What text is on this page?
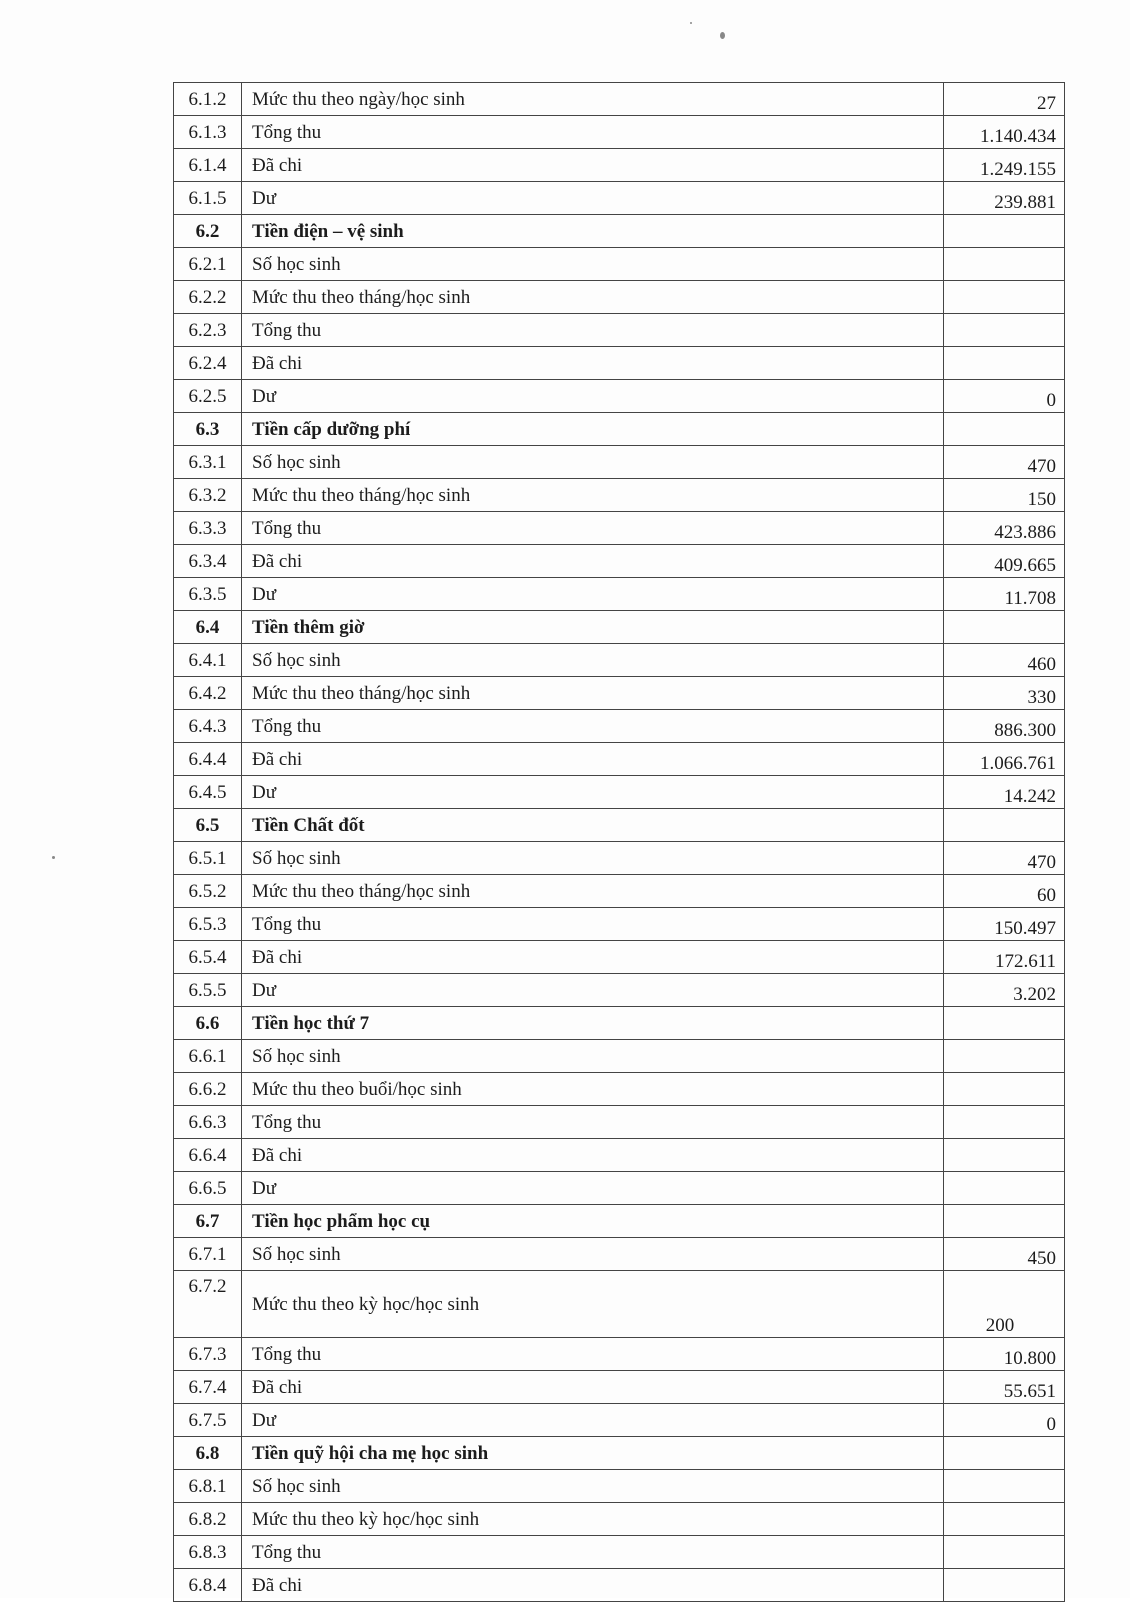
6.1.2	Mức thu theo ngày/học sinh	27
6.1.3	Tổng thu	1.140.434
6.1.4	Đã chi	1.249.155
6.1.5	Dư	239.881
6.2	Tiền điện – vệ sinh	
6.2.1	Số học sinh	
6.2.2	Mức thu theo tháng/học sinh	
6.2.3	Tổng thu	
6.2.4	Đã chi	
6.2.5	Dư	0
6.3	Tiền cấp dưỡng phí	
6.3.1	Số học sinh	470
6.3.2	Mức thu theo tháng/học sinh	150
6.3.3	Tổng thu	423.886
6.3.4	Đã chi	409.665
6.3.5	Dư	11.708
6.4	Tiền thêm giờ	
6.4.1	Số học sinh	460
6.4.2	Mức thu theo tháng/học sinh	330
6.4.3	Tổng thu	886.300
6.4.4	Đã chi	1.066.761
6.4.5	Dư	14.242
6.5	Tiền Chất đốt	
6.5.1	Số học sinh	470
6.5.2	Mức thu theo tháng/học sinh	60
6.5.3	Tổng thu	150.497
6.5.4	Đã chi	172.611
6.5.5	Dư	3.202
6.6	Tiền học thứ 7	
6.6.1	Số học sinh	
6.6.2	Mức thu theo buổi/học sinh	
6.6.3	Tổng thu	
6.6.4	Đã chi	
6.6.5	Dư	
6.7	Tiền học phẩm học cụ	
6.7.1	Số học sinh	450
6.7.2	Mức thu theo kỳ học/học sinh	200
6.7.3	Tổng thu	10.800
6.7.4	Đã chi	55.651
6.7.5	Dư	0
6.8	Tiền quỹ hội cha mẹ học sinh	
6.8.1	Số học sinh	
6.8.2	Mức thu theo kỳ học/học sinh	
6.8.3	Tổng thu	
6.8.4	Đã chi	
